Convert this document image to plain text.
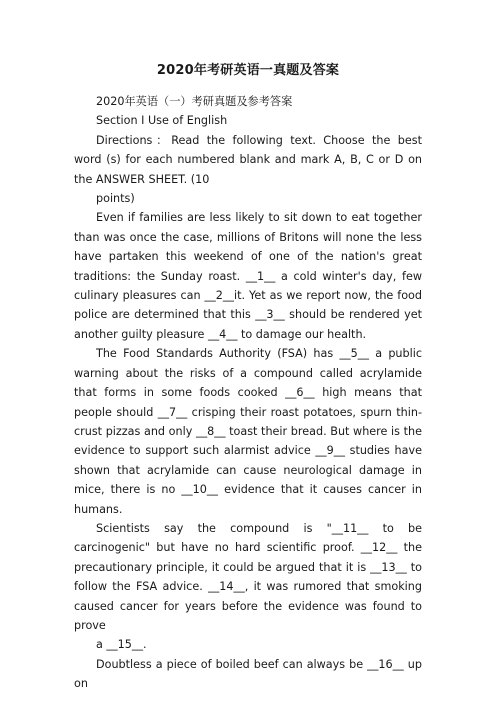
2020年考研英语一真题及答案

2020年英语（一）考研真题及参考答案

Section I Use of English

Directions：Read the following text. Choose the best word (s) for each numbered blank and mark A, B, C or D on the ANSWER SHEET. (10

points)

Even if families are less likely to sit down to eat together than was once the case, millions of Britons will none the less have partaken this weekend of one of the nation's great traditions: the Sunday roast. __1__ a cold winter's day, few culinary pleasures can __2__it. Yet as we report now, the food police are determined that this __3__ should be rendered yet another guilty pleasure __4__ to damage our health.

The Food Standards Authority (FSA) has __5__ a public warning about the risks of a compound called acrylamide that forms in some foods cooked __6__ high means that people should __7__ crisping their roast potatoes, spurn thin-crust pizzas and only __8__ toast their bread. But where is the evidence to support such alarmist advice __9__ studies have shown that acrylamide can cause neurological damage in mice, there is no __10__ evidence that it causes cancer in humans.

Scientists say the compound is "__11__ to be carcinogenic" but have no hard scientific proof. __12__ the precautionary principle, it could be argued that it is __13__ to follow the FSA advice. __14__, it was rumored that smoking caused cancer for years before the evidence was found to prove

a __15__.

Doubtless a piece of boiled beef can always be __16__ up on
